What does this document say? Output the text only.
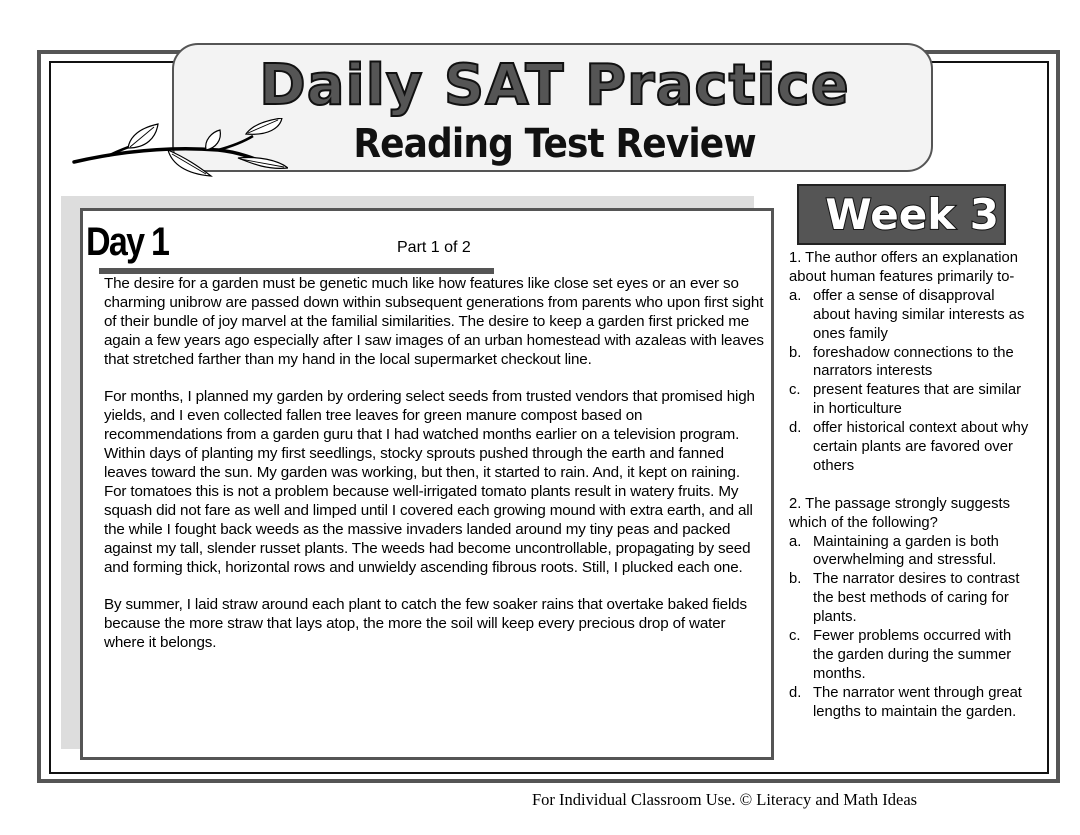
Daily SAT Practice
Reading Test Review
Day 1	Part 1 of 2

The desire for a garden must be genetic much like how features like close set eyes or an ever so charming unibrow are passed down within subsequent generations from parents who upon first sight of their bundle of joy marvel at the familial similarities. The desire to keep a garden first pricked me again a few years ago especially after I saw images of an urban homestead with azaleas with leaves that stretched farther than my hand in the local supermarket checkout line.

For months, I planned my garden by ordering select seeds from trusted vendors that promised high yields, and I even collected fallen tree leaves for green manure compost based on recommendations from a garden guru that I had watched months earlier on a television program. Within days of planting my first seedlings, stocky sprouts pushed through the earth and fanned leaves toward the sun. My garden was working, but then, it started to rain. And, it kept on raining. For tomatoes this is not a problem because well-irrigated tomato plants result in watery fruits. My squash did not fare as well and limped until I covered each growing mound with extra earth, and all the while I fought back weeds as the massive invaders landed around my tiny peas and packed against my tall, slender russet plants. The weeds had become uncontrollable, propagating by seed and forming thick, horizontal rows and unwieldy ascending fibrous roots. Still, I plucked each one.

By summer, I laid straw around each plant to catch the few soaker rains that overtake baked fields because the more straw that lays atop, the more the soil will keep every precious drop of water where it belongs.

Week 3

1. The author offers an explanation about human features primarily to-

a. offer a sense of disapproval about having similar interests as ones family
b. foreshadow connections to the narrators interests
c. present features that are similar in horticulture
d. offer historical context about why certain plants are favored over others

2. The passage strongly suggests which of the following?

a. Maintaining a garden is both overwhelming and stressful.
b. The narrator desires to contrast the best methods of caring for plants.
c. Fewer problems occurred with the garden during the summer months.
d. The narrator went through great lengths to maintain the garden.
For Individual Classroom Use. © Literacy and Math Ideas
